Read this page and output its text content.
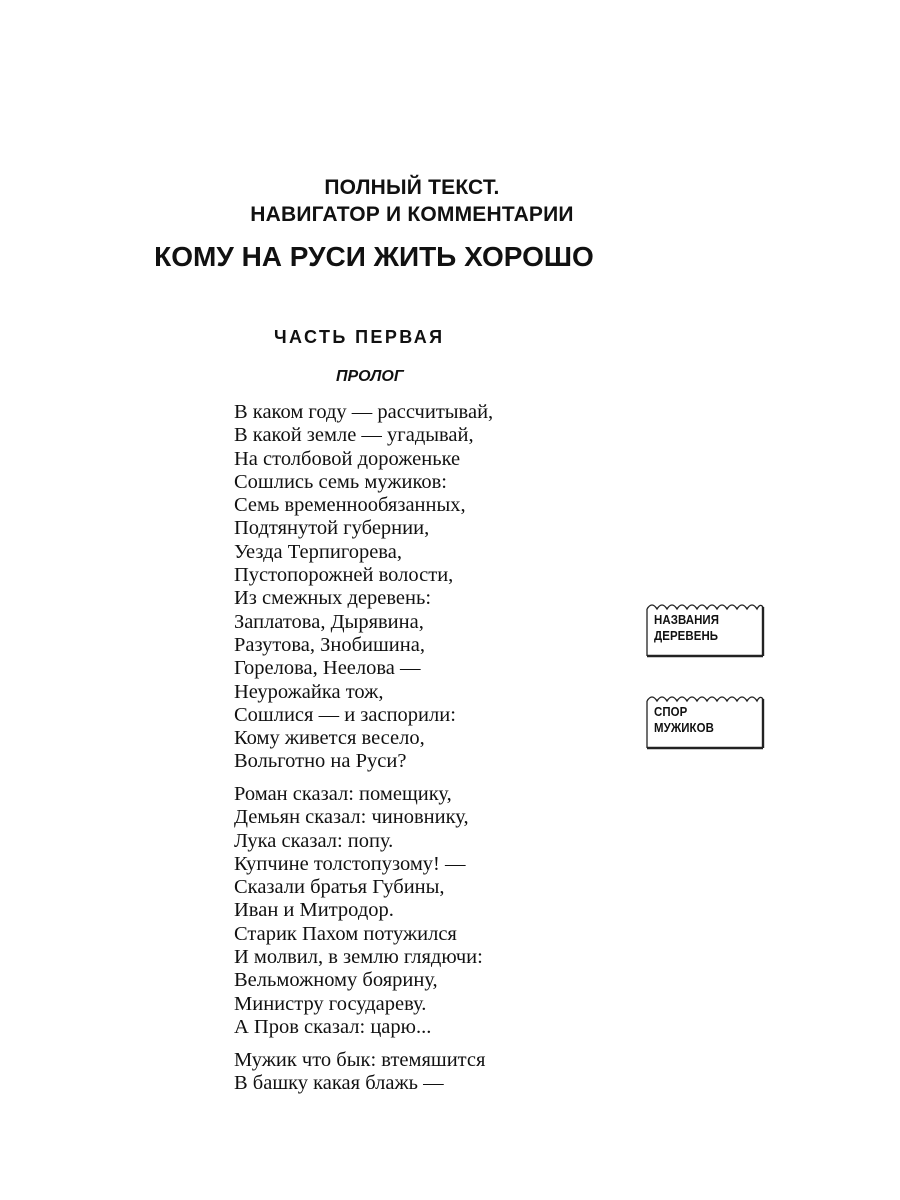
ПОЛНЫЙ ТЕКСТ.
НАВИГАТОР И КОММЕНТАРИИ
КОМУ НА РУСИ ЖИТЬ ХОРОШО
ЧАСТЬ ПЕРВАЯ
ПРОЛОГ
В каком году — рассчитывай,
В какой земле — угадывай,
На столбовой дороженьке
Сошлись семь мужиков:
Семь временнообязанных,
Подтянутой губернии,
Уезда Терпигорева,
Пустопорожней волости,
Из смежных деревень:
Заплатова, Дырявина,
Разутова, Знобишина,
Горелова, Неелова —
Неурожайка тож,
Сошлися — и заспорили:
Кому живется весело,
Вольготно на Руси?
Роман сказал: помещику,
Демьян сказал: чиновнику,
Лука сказал: попу.
Купчине толстопузому! —
Сказали братья Губины,
Иван и Митродор.
Старик Пахом потужился
И молвил, в землю глядючи:
Вельможному боярину,
Министру государеву.
А Пров сказал: царю...
Мужик что бык: втемяшится
В башку какая блажь —
НАЗВАНИЯ
ДЕРЕВЕНЬ
СПОР
МУЖИКОВ
